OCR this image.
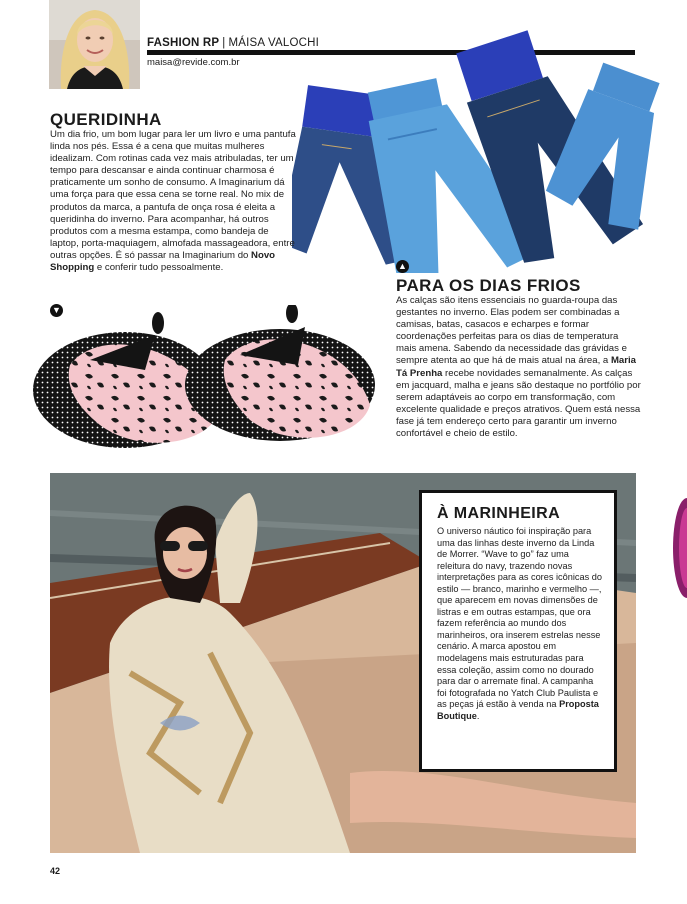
FASHION RP | MÁISA VALOCHI
maisa@revide.com.br
QUERIDINHA

Um dia frio, um bom lugar para ler um livro e uma pantufa linda nos pés. Essa é a cena que muitas mulheres idealizam. Com rotinas cada vez mais atribuladas, ter um tempo para descansar e ainda continuar charmosa é praticamente um sonho de consumo. A Imaginarium dá uma força para que essa cena se torne real. No mix de produtos da marca, a pantufa de onça rosa é eleita a queridinha do inverno. Para acompanhar, há outros produtos com a mesma estampa, como bandeja de laptop, porta-maquiagem, almofada massageadora, entre outras opções. É só passar na Imaginarium do Novo Shopping e conferir tudo pessoalmente.

▼
▲
PARA OS DIAS FRIOS

As calças são itens essenciais no guarda-roupa das gestantes no inverno. Elas podem ser combinadas a camisas, batas, casacos e echarpes e formar coordenações perfeitas para os dias de temperatura mais amena. Sabendo da necessidade das grávidas e sempre atenta ao que há de mais atual na área, a Maria Tá Prenha recebe novidades semanalmente. As calças em jacquard, malha e jeans são destaque no portfólio por serem adaptáveis ao corpo em transformação, com excelente qualidade e preços atrativos. Quem está nessa fase já tem endereço certo para garantir um inverno confortável e cheio de estilo.

À MARINHEIRA
O universo náutico foi inspiração para uma das linhas deste inverno da Linda de Morrer. “Wave to go” faz uma releitura do navy, trazendo novas interpretações para as cores icônicas do estilo — branco, marinho e vermelho —, que aparecem em novas dimensões de listras e em outras estampas, que ora fazem referência ao mundo dos marinheiros, ora inserem estrelas nesse cenário. A marca apostou em modelagens mais estruturadas para essa coleção, assim como no dourado para dar o arremate final. A campanha foi fotografada no Yatch Club Paulista e as peças já estão à venda na Proposta Boutique.
42
